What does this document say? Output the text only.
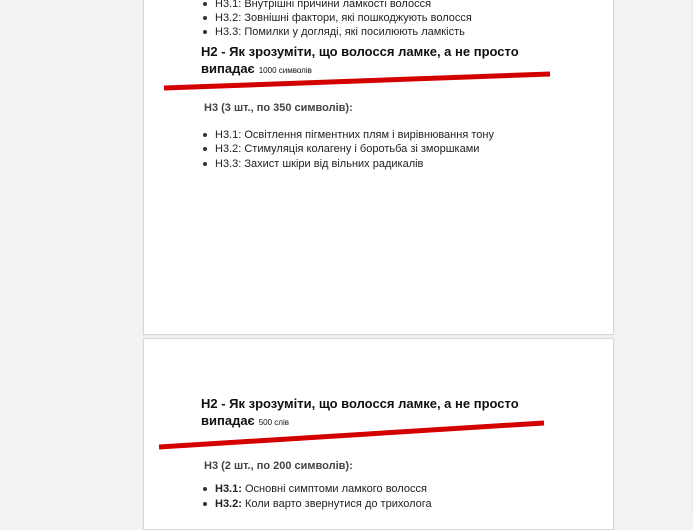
Н3.1: Внутрішні причини ламкості волосся
Н3.2: Зовнішні фактори, які пошкоджують волосся
Н3.3: Помилки у догляді, які посилюють ламкість
Н2 - Як зрозуміти, що волосся ламке, а не просто випадає 1000 символів
Н3 (3 шт., по 350 символів):
Н3.1: Освітлення пігментних плям і вирівнювання тону
Н3.2: Стимуляція колагену і боротьба зі зморшками
Н3.3: Захист шкіри від вільних радикалів
Н2 - Як зрозуміти, що волосся ламке, а не просто випадає 500 слів
Н3 (2 шт., по 200 символів):
Н3.1: Основні симптоми ламкого волосся
Н3.2: Коли варто звернутися до трихолога
